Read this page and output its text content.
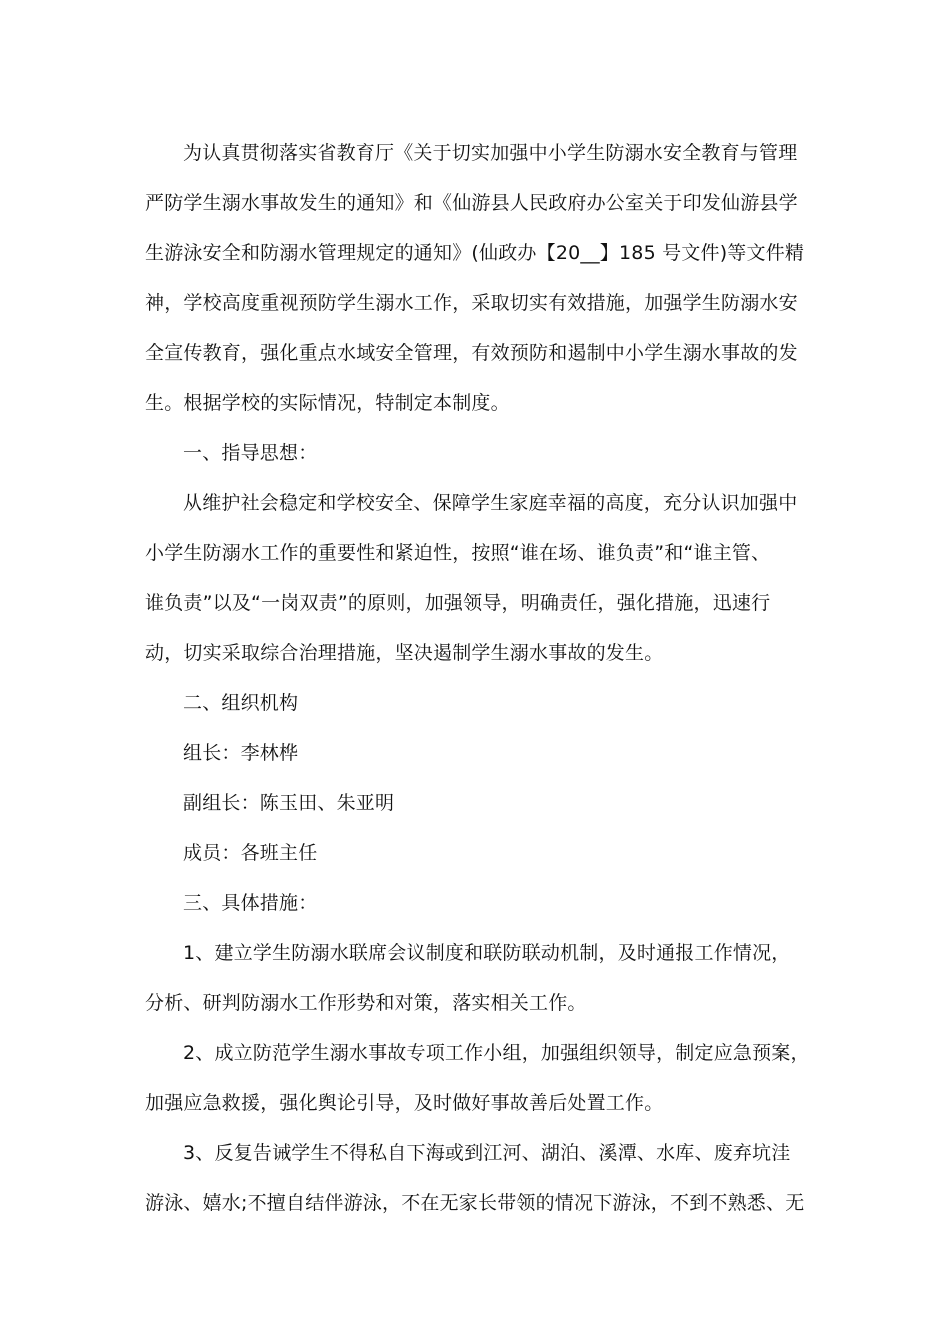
为认真贯彻落实省教育厅《关于切实加强中小学生防溺水安全教育与管理
严防学生溺水事故发生的通知》和《仙游县人民政府办公室关于印发仙游县学
生游泳安全和防溺水管理规定的通知》(仙政办【20__】185 号文件)等文件精
神，学校高度重视预防学生溺水工作，采取切实有效措施，加强学生防溺水安
全宣传教育，强化重点水域安全管理，有效预防和遏制中小学生溺水事故的发
生。根据学校的实际情况，特制定本制度。
一、指导思想：
从维护社会稳定和学校安全、保障学生家庭幸福的高度，充分认识加强中
小学生防溺水工作的重要性和紧迫性，按照“谁在场、谁负责”和“谁主管、
谁负责”以及“一岗双责”的原则，加强领导，明确责任，强化措施，迅速行
动，切实采取综合治理措施，坚决遏制学生溺水事故的发生。
二、组织机构
组长：李林桦
副组长：陈玉田、朱亚明
成员：各班主任
三、具体措施：
1、建立学生防溺水联席会议制度和联防联动机制，及时通报工作情况，
分析、研判防溺水工作形势和对策，落实相关工作。
2、成立防范学生溺水事故专项工作小组，加强组织领导，制定应急预案，
加强应急救援，强化舆论引导，及时做好事故善后处置工作。
3、反复告诫学生不得私自下海或到江河、湖泊、溪潭、水库、废弃坑洼
游泳、嬉水;不擅自结伴游泳，不在无家长带领的情况下游泳，不到不熟悉、无
